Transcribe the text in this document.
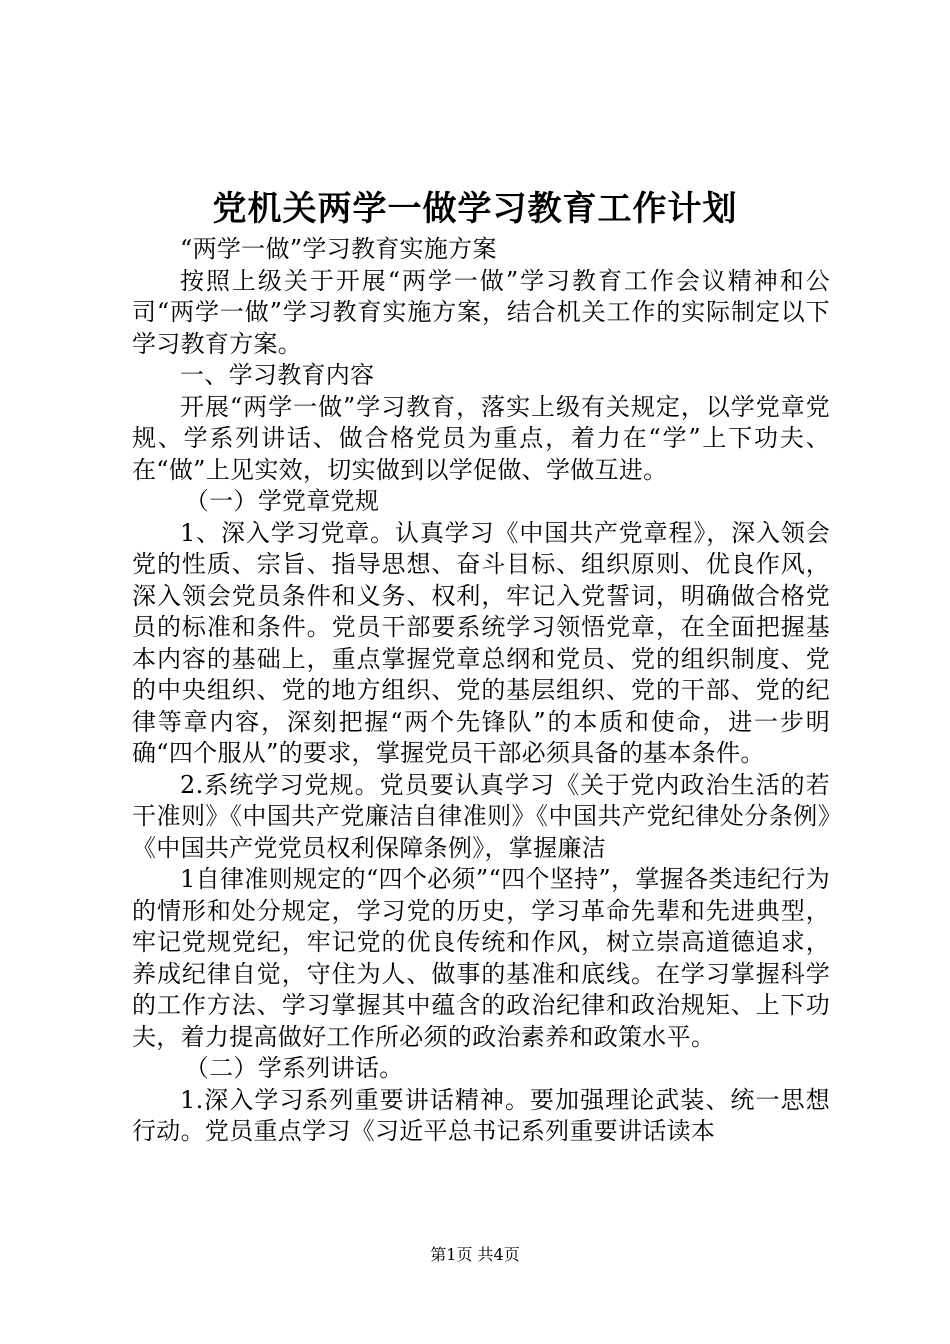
党机关两学一做学习教育工作计划

“两学一做”学习教育实施方案

按照上级关于开展“两学一做”学习教育工作会议精神和公司“两学一做”学习教育实施方案，结合机关工作的实际制定以下学习教育方案。

一、学习教育内容

开展“两学一做”学习教育，落实上级有关规定，以学党章党规、学系列讲话、做合格党员为重点，着力在“学”上下功夫、在“做”上见实效，切实做到以学促做、学做互进。

（一）学党章党规

1、深入学习党章。认真学习《中国共产党章程》，深入领会党的性质、宗旨、指导思想、奋斗目标、组织原则、优良作风，深入领会党员条件和义务、权利，牢记入党誓词，明确做合格党员的标准和条件。党员干部要系统学习领悟党章，在全面把握基本内容的基础上，重点掌握党章总纲和党员、党的组织制度、党的中央组织、党的地方组织、党的基层组织、党的干部、党的纪律等章内容，深刻把握“两个先锋队”的本质和使命，进一步明确“四个服从”的要求，掌握党员干部必须具备的基本条件。

2.系统学习党规。党员要认真学习《关于党内政治生活的若干准则》《中国共产党廉洁自律准则》《中国共产党纪律处分条例》《中国共产党党员权利保障条例》，掌握廉洁

1自律准则规定的“四个必须”“四个坚持”，掌握各类违纪行为的情形和处分规定，学习党的历史，学习革命先辈和先进典型，牢记党规党纪，牢记党的优良传统和作风，树立崇高道德追求，养成纪律自觉，守住为人、做事的基准和底线。在学习掌握科学的工作方法、学习掌握其中蕴含的政治纪律和政治规矩、上下功夫，着力提高做好工作所必须的政治素养和政策水平。

（二）学系列讲话。

1.深入学习系列重要讲话精神。要加强理论武装、统一思想行动。党员重点学习《习近平总书记系列重要讲话读本

第1页 共4页
